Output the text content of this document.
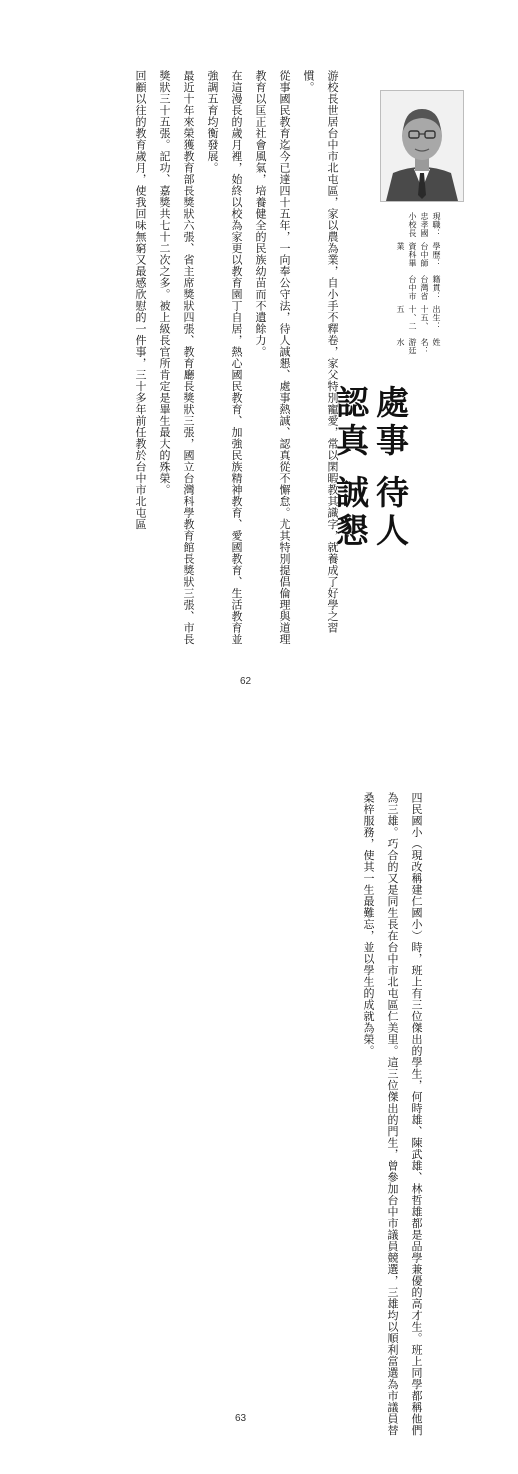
游校長世居台中市北屯區，家以農為業，自小手不釋卷，家父特別寵愛，常以閑暇教其識字，就養成了好學之習慣。

從事國民教育迄今已達四十五年，一向奉公守法，待人誠懇、處事熱誠、認真從不懈怠。尤其特別提倡倫理與道理教育以匡正社會風氣，培養健全的民族幼苗而不遺餘力。

在這漫長的歲月裡，始終以校為家更以教育園丁自居，熱心國民教育、加強民族精神教育、愛國教育、生活教育並強調五育均衡發展。

最近十年來榮獲教育部長獎狀六張、省主席獎狀四張、教育廳長獎狀三張，國立台灣科學教育館長獎狀三張、市長獎狀三十五張。記功、嘉獎共七十二次之多。被上級長官所肯定是畢生最大的殊榮。

回顧以往的教育歲月，使我回味無窮又最感欣慰的一件事，三十多年前任教於台中市北屯區	姓名：游廷水
出生：十五、十、二五
籍貫：台灣省台中市
學歷：台中師資科畢業
現職：忠孝國小校長
待人誠懇
處事認真
62

四民國小（現改稱建仁國小）時，班上有三位傑出的學生，何時雄、陳武雄、林哲雄都是品學兼優的高才生。班上同學都稱他們為三雄。巧合的又是同生長在台中市北屯區仁美里。這三位傑出的門生，曾參加台中市議員競選，三雄均以順利當選為市議員替桑梓服務，使其一生最難忘，並以學生的成就為榮。

63
